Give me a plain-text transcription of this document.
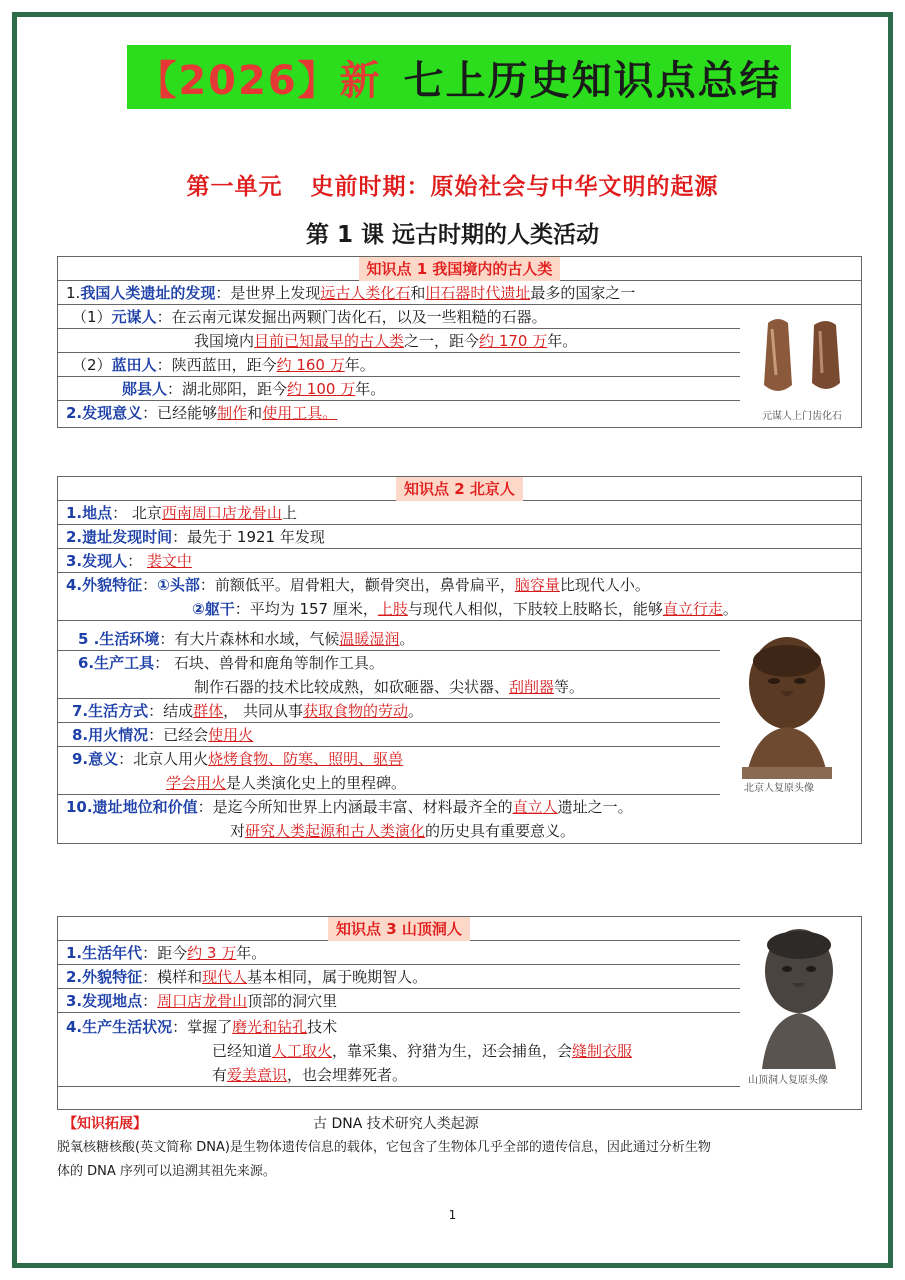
【2026】新 七上历史知识点总结
第一单元 史前时期：原始社会与中华文明的起源
第 1 课 远古时期的人类活动
知识点 1 我国境内的古人类
1.我国人类遗址的发现：是世界上发现远古人类化石和旧石器时代遗址最多的国家之一
（1）元谋人：在云南元谋发掘出两颗门齿化石，以及一些粗糙的石器。
我国境内目前已知最早的古人类之一，距今约 170 万年。
（2）蓝田人：陕西蓝田，距今约 160 万年。
郧县人：湖北郧阳，距今约 100 万年。
2.发现意义：已经能够制作和使用工具。	元谋人上门齿化石
知识点 2 北京人
1.地点： 北京西南周口店龙骨山上
2.遗址发现时间：最先于 1921 年发现
3.发现人： 裴文中
4.外貌特征：①头部：前额低平。眉骨粗大，颧骨突出，鼻骨扁平，脑容量比现代人小。
②躯干：平均为 157 厘米，上肢与现代人相似，下肢较上肢略长，能够直立行走。
5 .生活环境：有大片森林和水域，气候温暖湿润。
6.生产工具： 石块、兽骨和鹿角等制作工具。
制作石器的技术比较成熟，如砍砸器、尖状器、刮削器等。
7.生活方式：结成群体， 共同从事获取食物的劳动。
8.用火情况：已经会使用火
9.意义：北京人用火烧烤食物、防寒、照明、驱兽
学会用火是人类演化史上的里程碑。
10.遗址地位和价值：是迄今所知世界上内涵最丰富、材料最齐全的直立人遗址之一。
对研究人类起源和古人类演化的历史具有重要意义。
北京人复原头像
知识点 3 山顶洞人
1.生活年代：距今约 3 万年。
2.外貌特征：模样和现代人基本相同，属于晚期智人。
3.发现地点：周口店龙骨山顶部的洞穴里
4.生产生活状况：掌握了磨光和钻孔技术
已经知道人工取火，靠采集、狩猎为生，还会捕鱼，会缝制衣服
有爱美意识，也会埋葬死者。	山顶洞人复原头像
【知识拓展】	古 DNA 技术研究人类起源
脱氧核糖核酸(英文简称 DNA)是生物体遗传信息的载体，它包含了生物体几乎全部的遗传信息，因此通过分析生物
体的 DNA 序列可以追溯其祖先来源。
1
